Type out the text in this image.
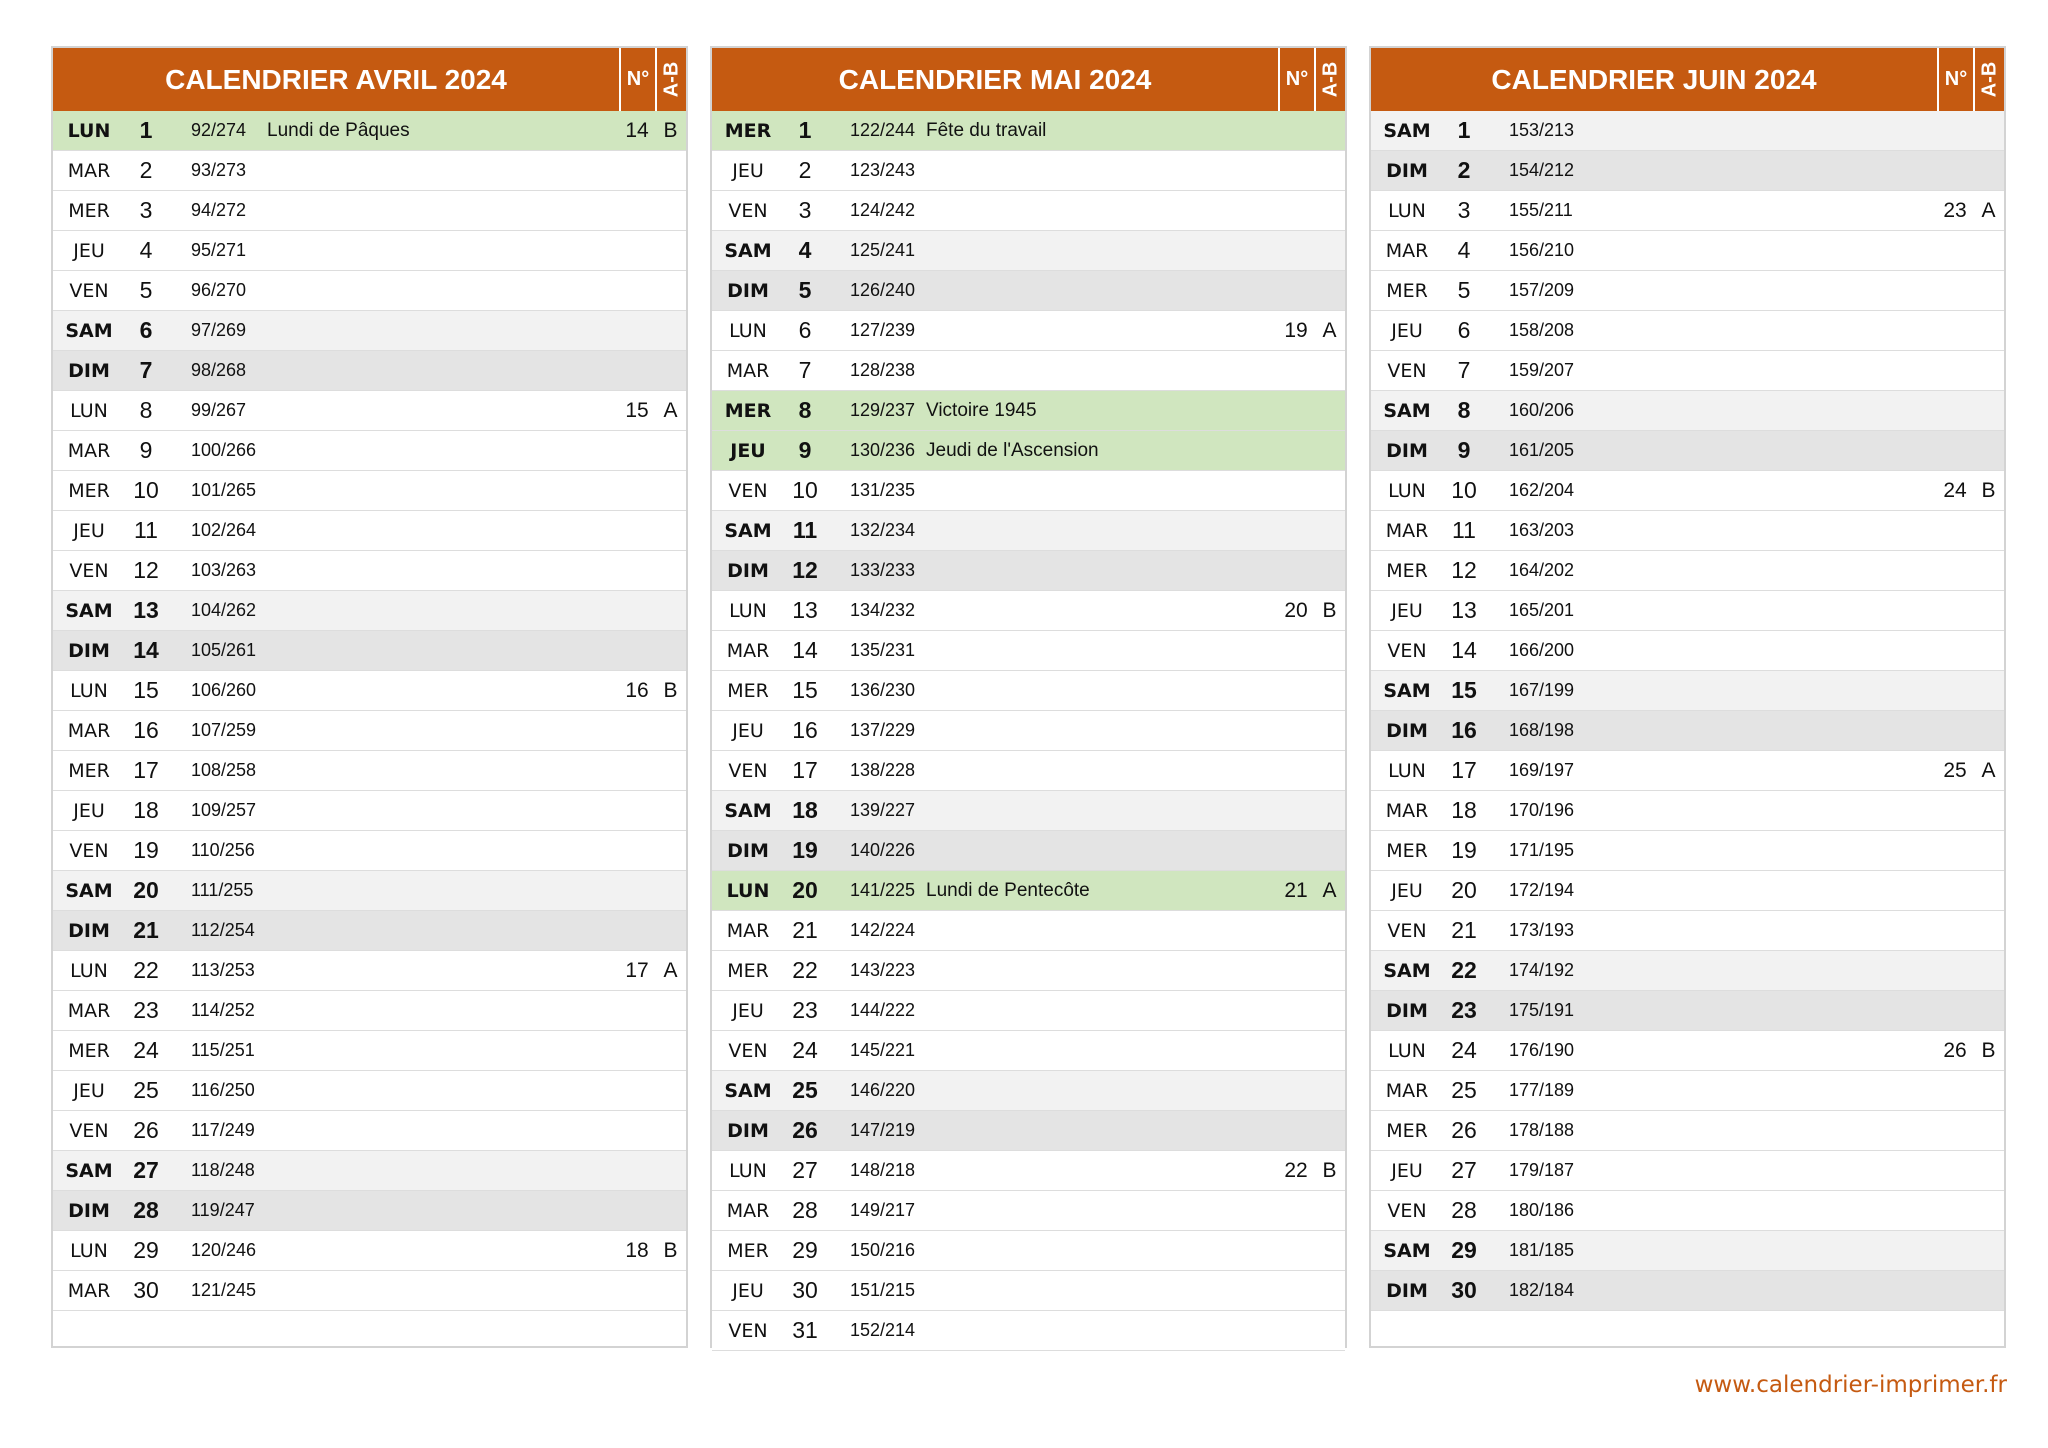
CALENDRIER AVRIL 2024	N° A-B
LUN	1	92/274	Lundi de Pâques	14 B
MAR	2	93/273
MER	3	94/272
JEU	4	95/271
VEN	5	96/270
SAM	6	97/269
DIM	7	98/268
LUN	8	99/267	15 A
MAR	9	100/266
MER	10	101/265
JEU	11	102/264
VEN	12	103/263
SAM 13	104/262
DIM	14	105/261
LUN	15	106/260	16 B
MAR 16	107/259
MER	17	108/258
JEU	18	109/257
VEN	19	110/256
SAM 20	111/255
DIM	21	112/254
LUN	22	113/253	17 A
MAR 23	114/252
MER	24	115/251
JEU	25	116/250
VEN	26	117/249
SAM 27	118/248
DIM	28	119/247
LUN	29	120/246	18 B
MAR 30	121/245
CALENDRIER MAI 2024	N° A-B
MER	1	122/244 Fête du travail
JEU	2	123/243
VEN	3	124/242
SAM	4	125/241
DIM	5	126/240
LUN	6	127/239	19 A
MAR	7	128/238
MER	8	129/237 Victoire 1945
JEU	9	130/236 Jeudi de l'Ascension
VEN	10	131/235
SAM 11	132/234
DIM	12	133/233
LUN	13	134/232	20 B
MAR 14	135/231
MER	15	136/230
JEU	16	137/229
VEN	17	138/228
SAM 18	139/227
DIM	19	140/226
LUN 20	141/225 Lundi de Pentecôte	21 A
MAR 21	142/224
MER	22	143/223
JEU	23	144/222
VEN	24	145/221
SAM 25	146/220
DIM	26	147/219
LUN	27	148/218	22 B
MAR 28	149/217
MER	29	150/216
JEU	30	151/215
VEN	31	152/214
CALENDRIER JUIN 2024	N° A-B
SAM	1	153/213
DIM	2	154/212
LUN	3	155/211	23 A
MAR	4	156/210
MER	5	157/209
JEU	6	158/208
VEN	7	159/207
SAM	8	160/206
DIM	9	161/205
LUN	10	162/204	24 B
MAR	11	163/203
MER	12	164/202
JEU	13	165/201
VEN	14	166/200
SAM 15	167/199
DIM	16	168/198
LUN	17	169/197	25 A
MAR 18	170/196
MER	19	171/195
JEU	20	172/194
VEN	21	173/193
SAM 22	174/192
DIM	23	175/191
LUN	24	176/190	26 B
MAR 25	177/189
MER	26	178/188
JEU	27	179/187
VEN	28	180/186
SAM 29	181/185
DIM	30	182/184
www.calendrier-imprimer.fr
